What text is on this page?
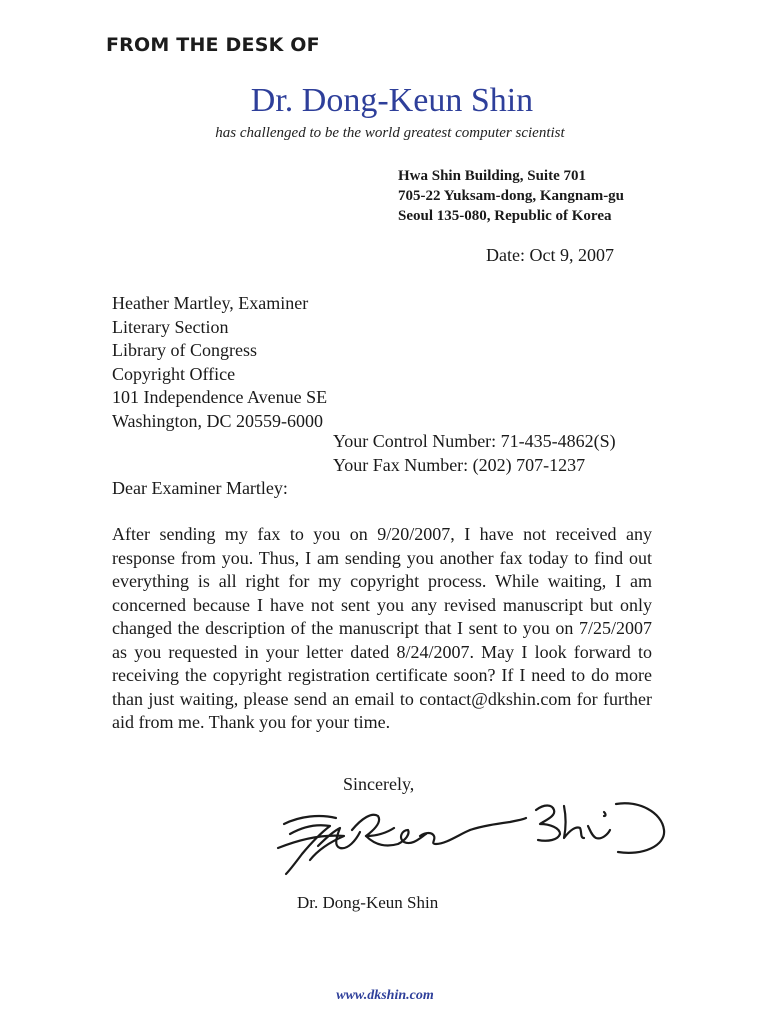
FROM THE DESK OF
Dr. Dong-Keun Shin
has challenged to be the world greatest computer scientist
Hwa Shin Building, Suite 701
705-22 Yuksam-dong, Kangnam-gu
Seoul 135-080, Republic of Korea
Date: Oct 9, 2007
Heather Martley, Examiner
Literary Section
Library of Congress
Copyright Office
101 Independence Avenue SE
Washington, DC 20559-6000
Your Control Number: 71-435-4862(S)
Your Fax Number: (202) 707-1237
Dear Examiner Martley:
After sending my fax to you on 9/20/2007, I have not received any response from you. Thus, I am sending you another fax today to find out everything is all right for my copyright process. While waiting, I am concerned because I have not sent you any revised manuscript but only changed the description of the manuscript that I sent to you on 7/25/2007 as you requested in your letter dated 8/24/2007. May I look forward to receiving the copyright registration certificate soon? If I need to do more than just waiting, please send an email to contact@dkshin.com for further aid from me. Thank you for your time.
Sincerely,
Dr. Dong-Keun Shin
www.dkshin.com
